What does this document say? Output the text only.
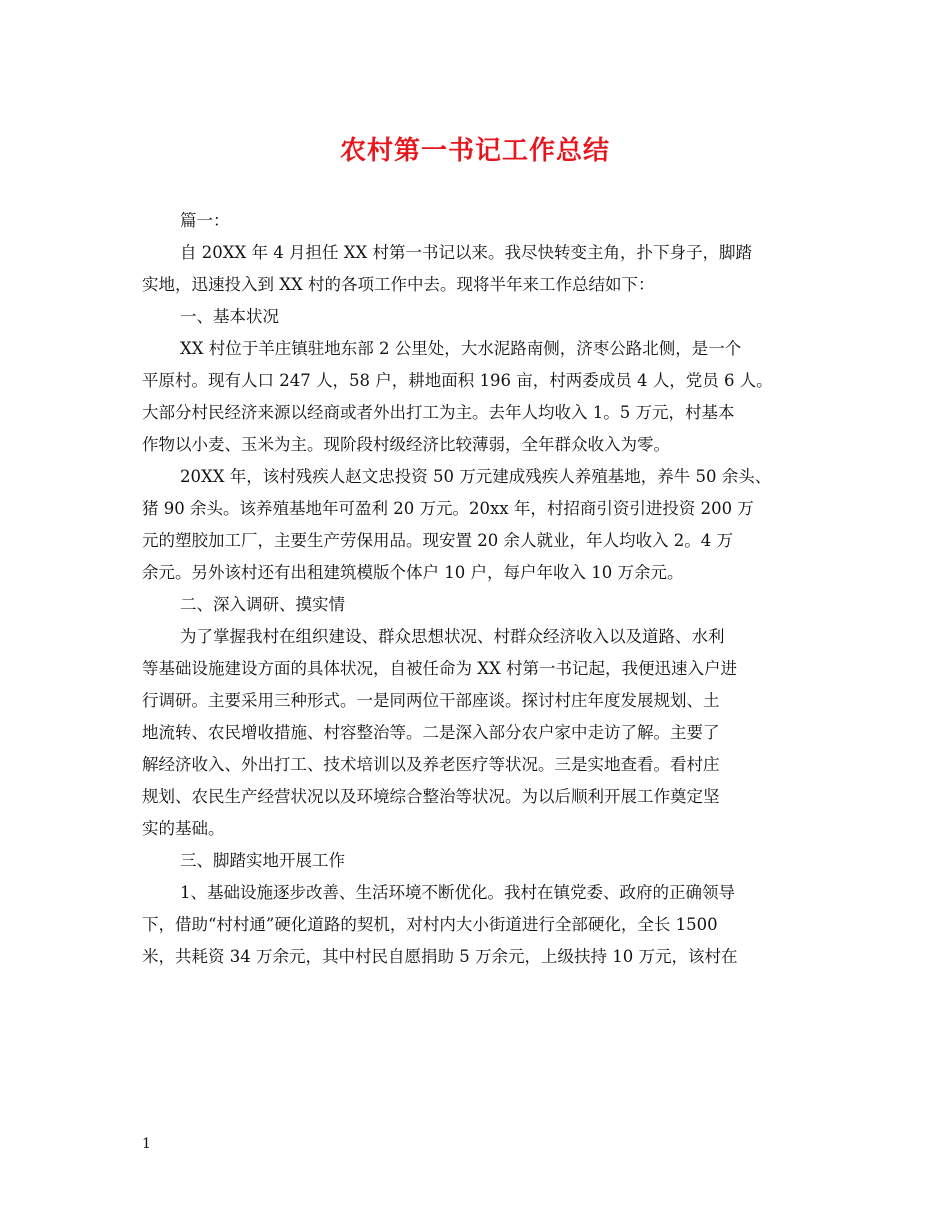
农村第一书记工作总结
篇一：
自 20XX 年 4 月担任 XX 村第一书记以来。我尽快转变主角，扑下身子，脚踏
实地，迅速投入到 XX 村的各项工作中去。现将半年来工作总结如下：
一、基本状况
XX 村位于羊庄镇驻地东部 2 公里处，大水泥路南侧，济枣公路北侧，是一个
平原村。现有人口 247 人，58 户，耕地面积 196 亩，村两委成员 4 人，党员 6 人。
大部分村民经济来源以经商或者外出打工为主。去年人均收入 1。5 万元，村基本
作物以小麦、玉米为主。现阶段村级经济比较薄弱，全年群众收入为零。
20XX 年，该村残疾人赵文忠投资 50 万元建成残疾人养殖基地，养牛 50 余头、
猪 90 余头。该养殖基地年可盈利 20 万元。20xx 年，村招商引资引进投资 200 万
元的塑胶加工厂，主要生产劳保用品。现安置 20 余人就业，年人均收入 2。4 万
余元。另外该村还有出租建筑模版个体户 10 户，每户年收入 10 万余元。
二、深入调研、摸实情
为了掌握我村在组织建设、群众思想状况、村群众经济收入以及道路、水利
等基础设施建设方面的具体状况，自被任命为 XX 村第一书记起，我便迅速入户进
行调研。主要采用三种形式。一是同两位干部座谈。探讨村庄年度发展规划、土
地流转、农民增收措施、村容整治等。二是深入部分农户家中走访了解。主要了
解经济收入、外出打工、技术培训以及养老医疗等状况。三是实地查看。看村庄
规划、农民生产经营状况以及环境综合整治等状况。为以后顺利开展工作奠定坚
实的基础。
三、脚踏实地开展工作
1、基础设施逐步改善、生活环境不断优化。我村在镇党委、政府的正确领导
下，借助“村村通”硬化道路的契机，对村内大小街道进行全部硬化，全长 1500
米，共耗资 34 万余元，其中村民自愿捐助 5 万余元，上级扶持 10 万元，该村在
1
